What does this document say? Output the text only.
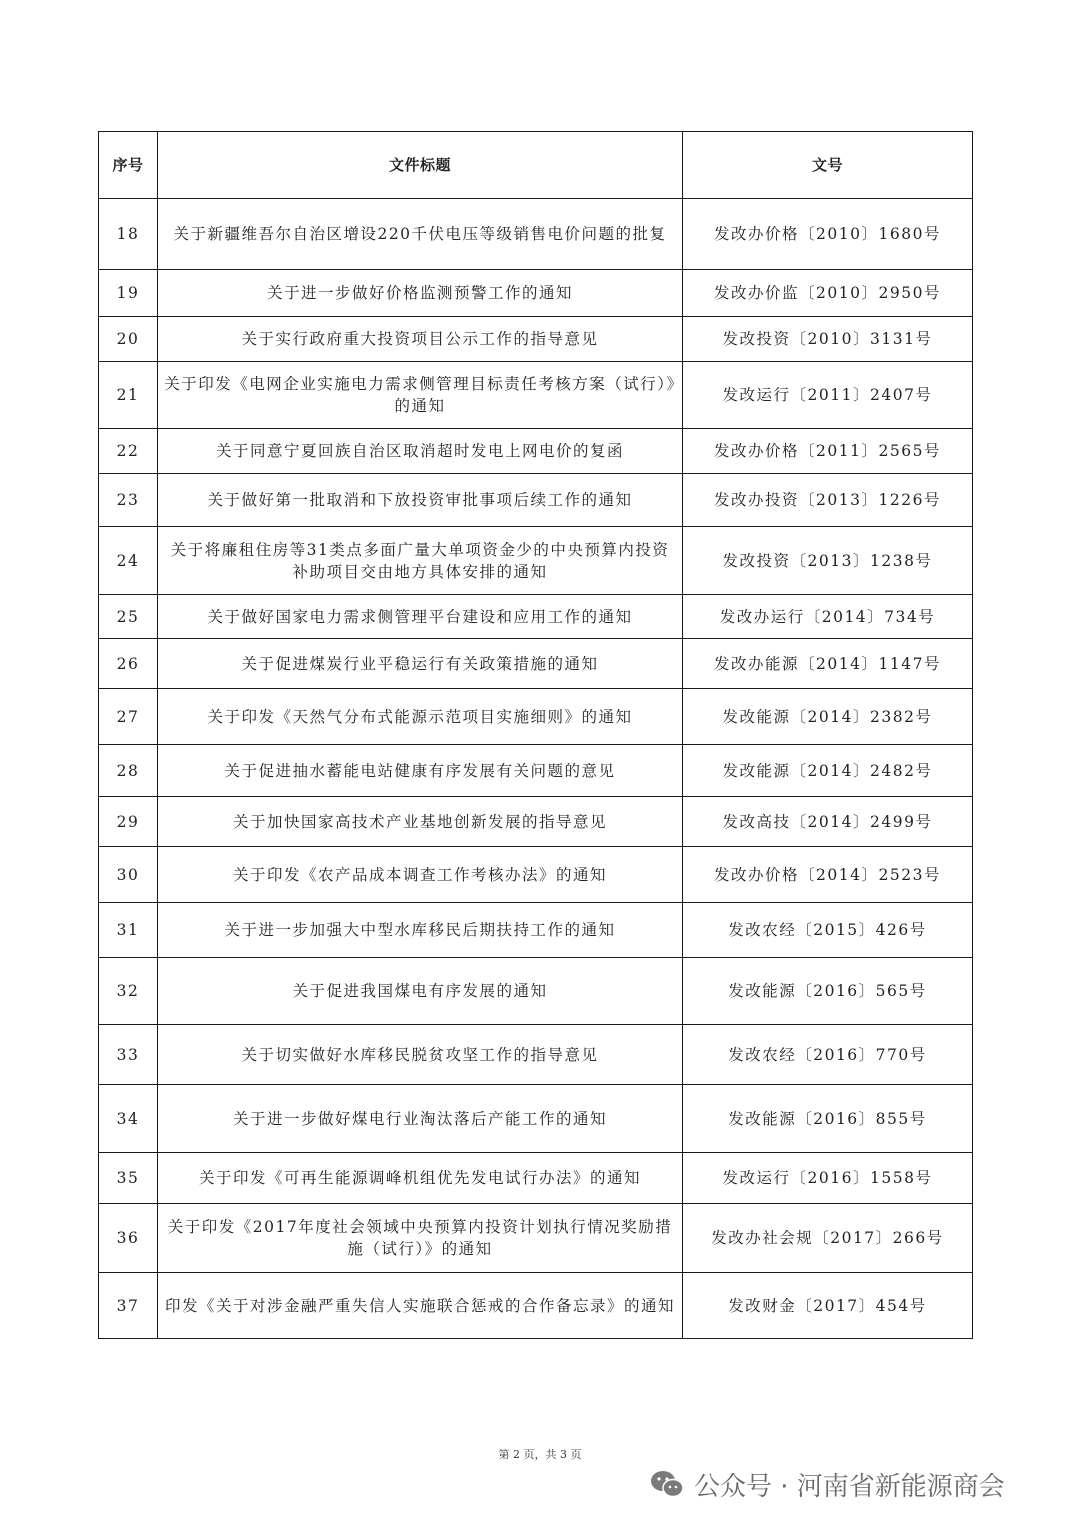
序号	文件标题	文号
18	关于新疆维吾尔自治区增设220千伏电压等级销售电价问题的批复	发改办价格〔2010〕1680号
19	关于进一步做好价格监测预警工作的通知	发改办价监〔2010〕2950号
20	关于实行政府重大投资项目公示工作的指导意见	发改投资〔2010〕3131号
21	关于印发《电网企业实施电力需求侧管理目标责任考核方案（试行）》的通知	发改运行〔2011〕2407号
22	关于同意宁夏回族自治区取消超时发电上网电价的复函	发改办价格〔2011〕2565号
23	关于做好第一批取消和下放投资审批事项后续工作的通知	发改办投资〔2013〕1226号
24	关于将廉租住房等31类点多面广量大单项资金少的中央预算内投资补助项目交由地方具体安排的通知	发改投资〔2013〕1238号
25	关于做好国家电力需求侧管理平台建设和应用工作的通知	发改办运行〔2014〕734号
26	关于促进煤炭行业平稳运行有关政策措施的通知	发改办能源〔2014〕1147号
27	关于印发《天然气分布式能源示范项目实施细则》的通知	发改能源〔2014〕2382号
28	关于促进抽水蓄能电站健康有序发展有关问题的意见	发改能源〔2014〕2482号
29	关于加快国家高技术产业基地创新发展的指导意见	发改高技〔2014〕2499号
30	关于印发《农产品成本调查工作考核办法》的通知	发改办价格〔2014〕2523号
31	关于进一步加强大中型水库移民后期扶持工作的通知	发改农经〔2015〕426号
32	关于促进我国煤电有序发展的通知	发改能源〔2016〕565号
33	关于切实做好水库移民脱贫攻坚工作的指导意见	发改农经〔2016〕770号
34	关于进一步做好煤电行业淘汰落后产能工作的通知	发改能源〔2016〕855号
35	关于印发《可再生能源调峰机组优先发电试行办法》的通知	发改运行〔2016〕1558号
36	关于印发《2017年度社会领域中央预算内投资计划执行情况奖励措施（试行）》的通知	发改办社会规〔2017〕266号
37	印发《关于对涉金融严重失信人实施联合惩戒的合作备忘录》的通知	发改财金〔2017〕454号
第 2 页，共 3 页
公众号 · 河南省新能源商会
